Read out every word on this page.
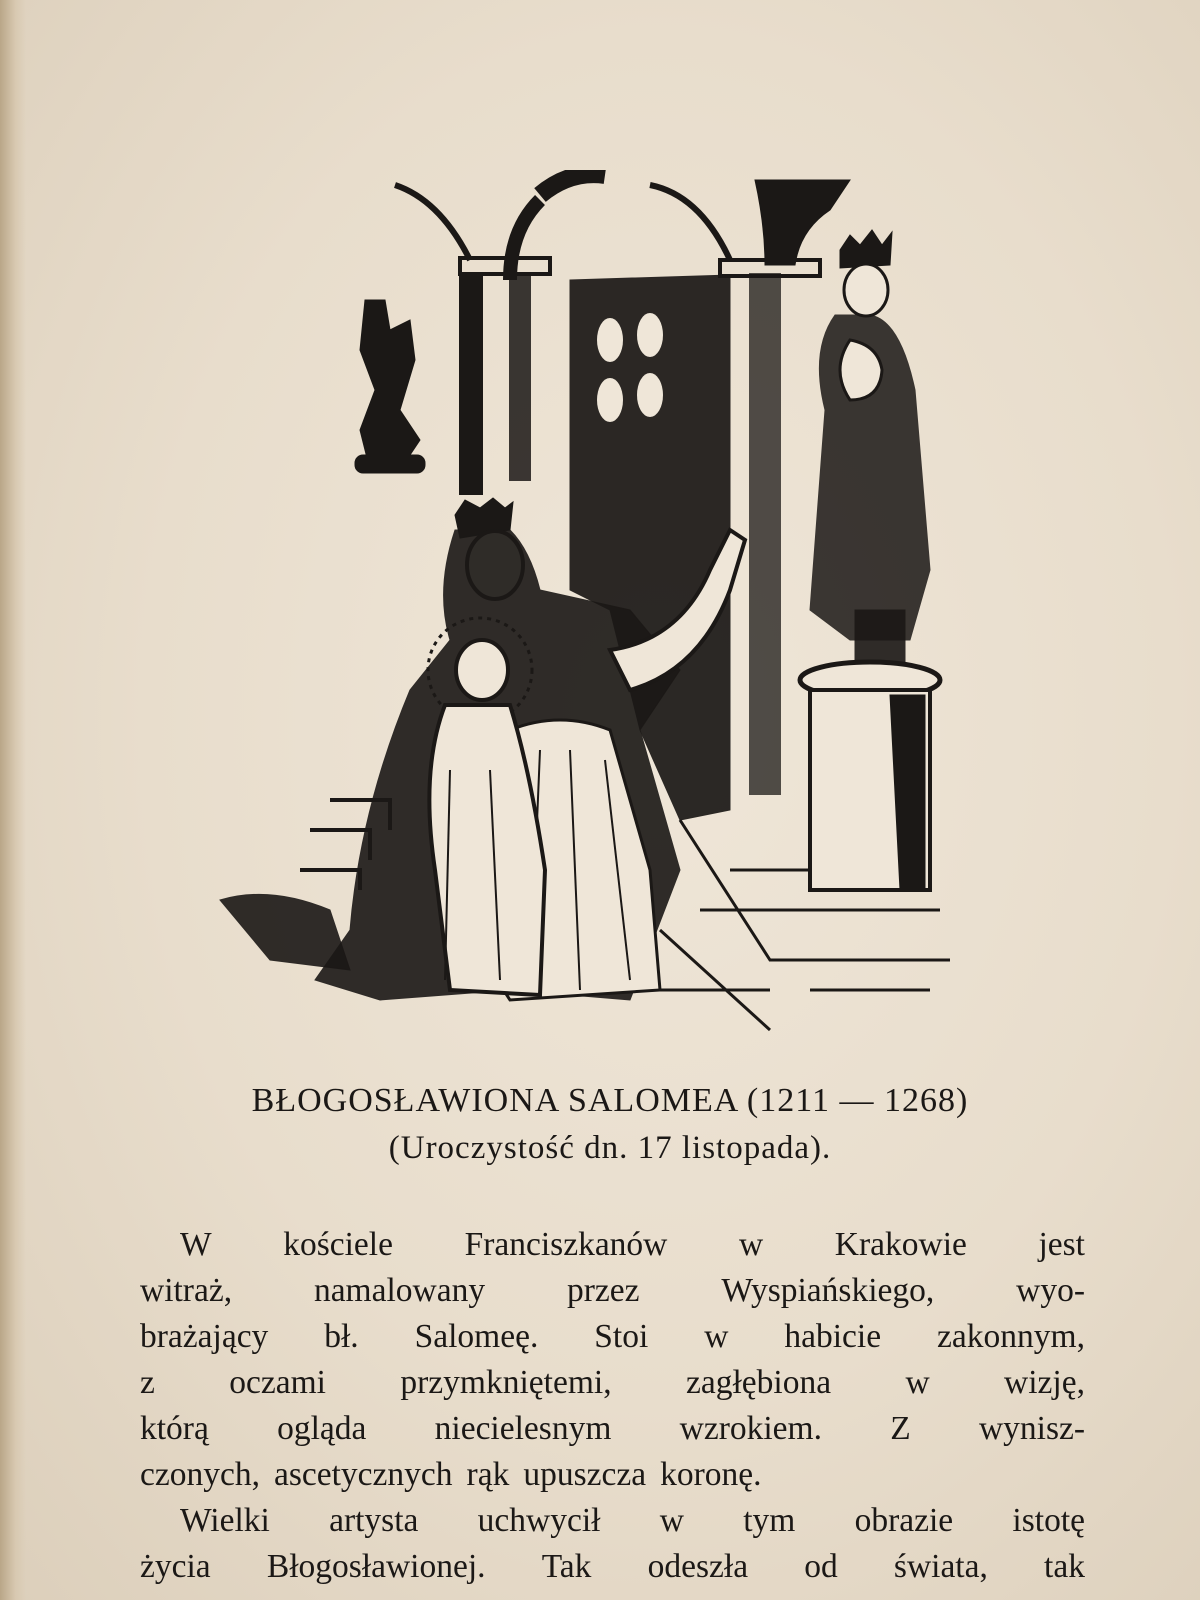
BŁOGOSŁAWIONA SALOMEA (1211 — 1268)
(Uroczystość dn. 17 listopada).
W kościele Franciszkanów w Krakowie jest
witraż, namalowany przez Wyspiańskiego, wyo-
brażający bł. Salomeę. Stoi w habicie zakonnym,
z oczami przymkniętemi, zagłębiona w wizję,
którą ogląda niecielesnym wzrokiem. Z wynisz-
czonych, ascetycznych rąk upuszcza koronę.
Wielki artysta uchwycił w tym obrazie istotę
życia Błogosławionej. Tak odeszła od świata, tak
